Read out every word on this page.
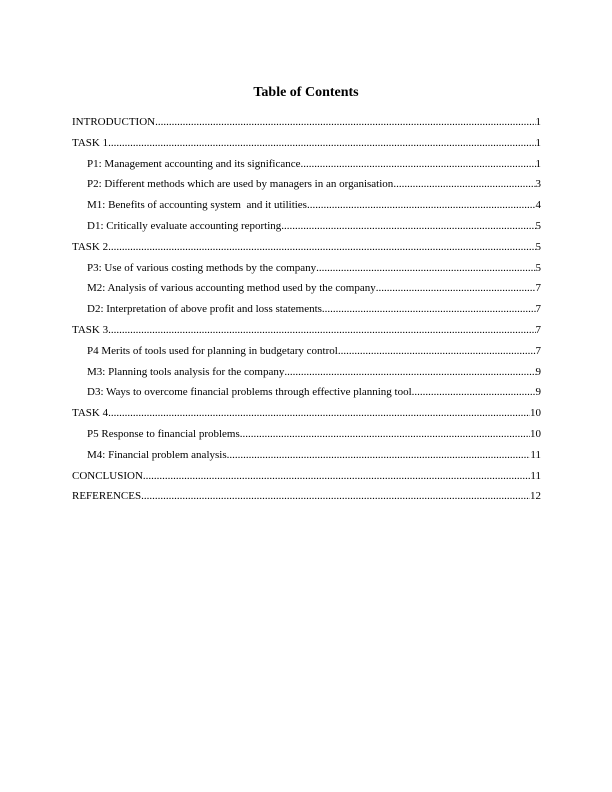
Table of Contents
INTRODUCTION .....	1
TASK 1 .....	1
P1: Management accounting and its significance .....	1
P2: Different methods which are used by managers in an organisation .....	3
M1: Benefits of accounting system  and it utilities .....	4
D1: Critically evaluate accounting reporting .....	5
TASK 2 .....	5
P3: Use of various costing methods by the company .....	5
M2: Analysis of various accounting method used by the company .....	7
D2: Interpretation of above profit and loss statements .....	7
TASK 3 .....	7
P4 Merits of tools used for planning in budgetary control .....	7
M3: Planning tools analysis for the company .....	9
D3: Ways to overcome financial problems through effective planning tool .....	9
TASK 4 .....	10
P5 Response to financial problems .....	10
M4: Financial problem analysis .....	11
CONCLUSION .....	11
REFERENCES .....	12
